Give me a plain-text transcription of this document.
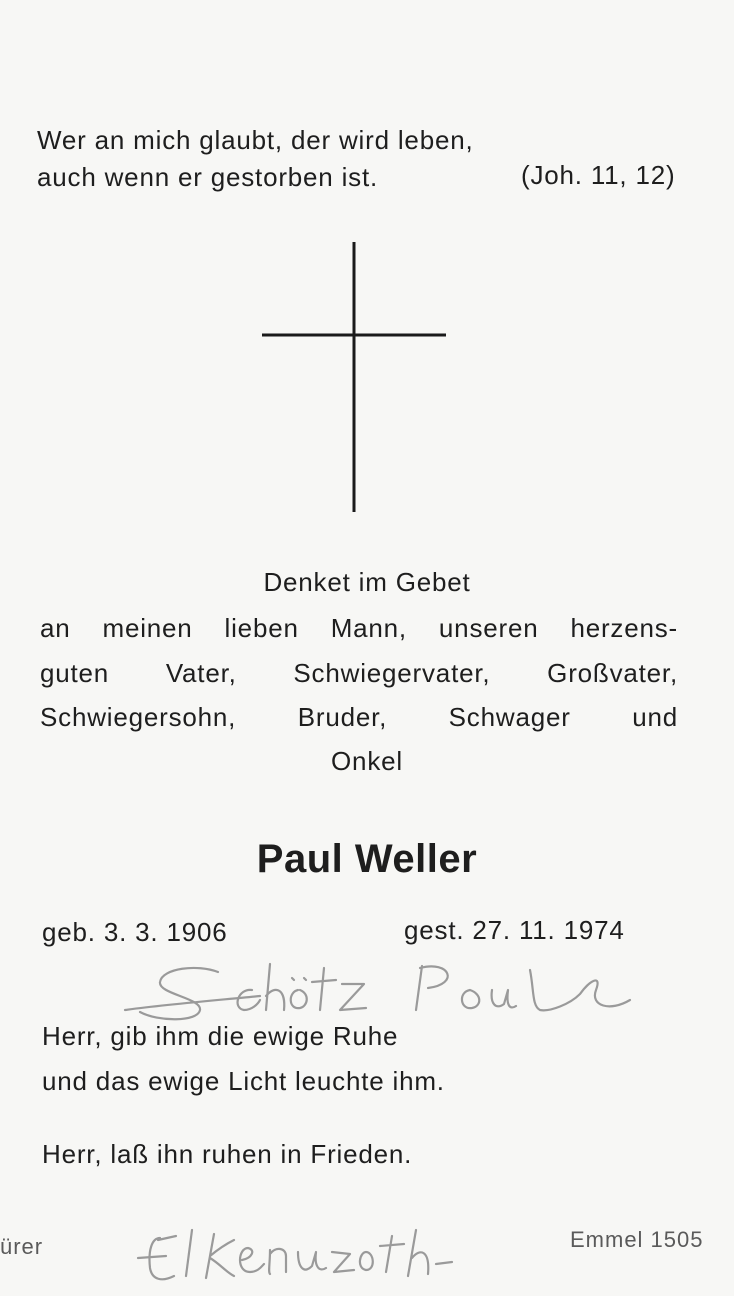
Wer an mich glaubt, der wird leben,
auch wenn er gestorben ist.	(Joh. 11, 12)
Denket im Gebet
an meinen lieben Mann, unseren herzens-
guten Vater, Schwiegervater, Großvater,
Schwiegersohn, Bruder, Schwager und
Onkel
Paul Weller
geb. 3. 3. 1906	gest. 27. 11. 1974
Herr, gib ihm die ewige Ruhe
und das ewige Licht leuchte ihm.
Herr, laß ihn ruhen in Frieden.
ürer	Emmel 1505
